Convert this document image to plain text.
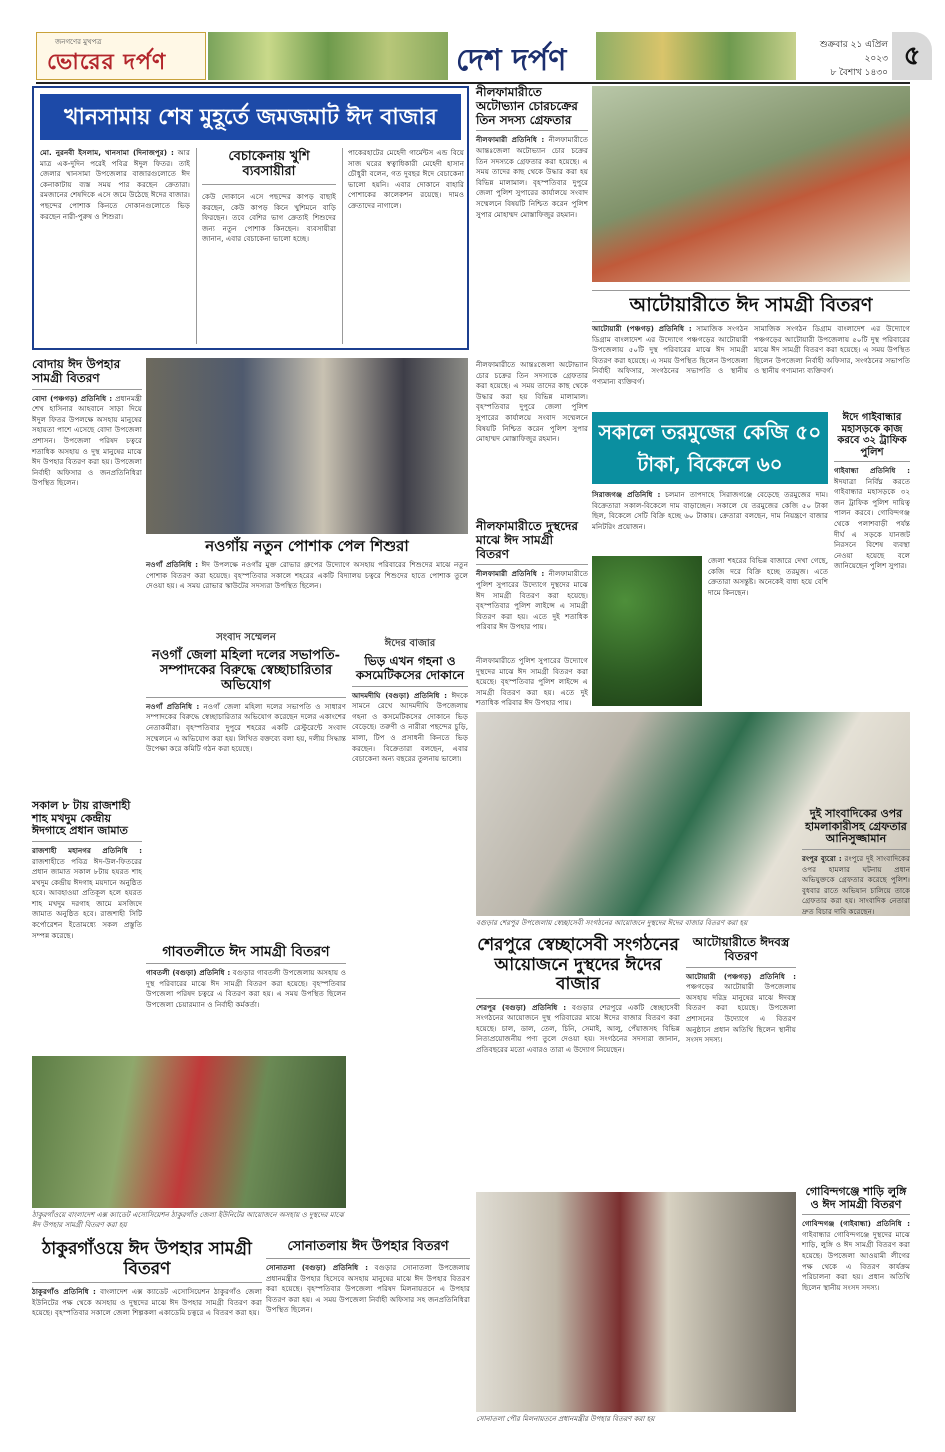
জনগণের মুখপত্র
ভোরের দর্পণ	দেশ দর্পণ	শুক্রবার ২১ এপ্রিল ২০২৩
৮ বৈশাখ ১৪৩০
৫
খানসামায় শেষ মুহূর্তে জমজমাট ঈদ বাজার
মো. নুরনবী ইসলাম, খানসামা (দিনাজপুর) : আর মাত্র এক-দুদিন পরেই পবিত্র ঈদুল ফিতর। তাই জেলার খানসামা উপজেলার বাজারগুলোতে ঈদ কেনাকাটায় ব্যস্ত সময় পার করছেন ক্রেতারা। রমজানের শেষদিকে এসে জমে উঠেছে ঈদের বাজার। পছন্দের পোশাক কিনতে দোকানগুলোতে ভিড় করছেন নারী-পুরুষ ও শিশুরা।
বেচাকেনায় খুশি ব্যবসায়ীরা
কেউ দোকানে এসে পছন্দের কাপড় বাছাই করছেন, কেউ কাপড় কিনে খুশিমনে বাড়ি ফিরছেন। তবে বেশির ভাগ ক্রেতাই শিশুদের জন্য নতুন পোশাক কিনছেন। ব্যবসায়ীরা জানান, এবার বেচাকেনা ভালো হচ্ছে।
পাকেরহাটের মেহেদী গার্মেন্টস এন্ড বিয়ে সাজ ঘরের স্বত্বাধিকারী মেহেদী হাসান চৌধুরী বলেন, গত দুবছর ঈদে বেচাকেনা ভালো হয়নি। এবার দোকানে বাহারি পোশাকের কালেকশন রয়েছে। দামও ক্রেতাদের নাগালে।
নীলফামারীতে অটোভ্যান চোরচক্রের তিন সদস্য গ্রেফতার
নীলফামারী প্রতিনিধি : নীলফামারীতে আন্তঃজেলা অটোভ্যান চোর চক্রের তিন সদস্যকে গ্রেফতার করা হয়েছে। এ সময় তাদের কাছ থেকে উদ্ধার করা হয় বিভিন্ন মালামাল। বৃহস্পতিবার দুপুরে জেলা পুলিশ সুপারের কার্যালয়ে সংবাদ সম্মেলনে বিষয়টি নিশ্চিত করেন পুলিশ সুপার মোহাম্মদ মোস্তাফিজুর রহমান।
আটোয়ারীতে ঈদ সামগ্রী বিতরণ
আটোয়ারী (পঞ্চগড়) প্রতিনিধি : সামাজিক সংগঠন ডিগ্রাম বাংলাদেশ এর উদ্যোগে পঞ্চগড়ের আটোয়ারী উপজেলায় ৫০টি দুস্থ পরিবারের মাঝে ঈদ সামগ্রী বিতরণ করা হয়েছে। এ সময় উপস্থিত ছিলেন উপজেলা নির্বাহী অফিসার, সংগঠনের সভাপতি ও স্থানীয় গণ্যমান্য ব্যক্তিবর্গ।
সামাজিক সংগঠন ডিগ্রাম বাংলাদেশ এর উদ্যোগে পঞ্চগড়ের আটোয়ারী উপজেলায় ৫০টি দুস্থ পরিবারের মাঝে ঈদ সামগ্রী বিতরণ করা হয়েছে। এ সময় উপস্থিত ছিলেন উপজেলা নির্বাহী অফিসার, সংগঠনের সভাপতি ও স্থানীয় গণ্যমান্য ব্যক্তিবর্গ।
বোদায় ঈদ উপহার সামগ্রী বিতরণ
বোদা (পঞ্চগড়) প্রতিনিধি : প্রধানমন্ত্রী শেখ হাসিনার আহবানে সাড়া দিয়ে ঈদুল ফিতর উপলক্ষে অসহায় মানুষের সহায়তা পাশে এসেছে বোদা উপজেলা প্রশাসন। উপজেলা পরিষদ চত্বরে শতাধিক অসহায় ও দুস্থ মানুষের মাঝে ঈদ উপহার বিতরণ করা হয়। উপজেলা নির্বাহী অফিসার ও জনপ্রতিনিধিরা উপস্থিত ছিলেন।
নওগাঁয় নতুন পোশাক পেল শিশুরা
নওগাঁ প্রতিনিধি : ঈদ উপলক্ষে নওগাঁর মুক্ত রোভার গ্রুপের উদ্যোগে অসহায় পরিবারের শিশুদের মাঝে নতুন পোশাক বিতরণ করা হয়েছে। বৃহস্পতিবার সকালে শহরের একটি বিদ্যালয় চত্বরে শিশুদের হাতে পোশাক তুলে দেওয়া হয়। এ সময় রোভার স্কাউটের সদস্যরা উপস্থিত ছিলেন।
নীলফামারীতে আন্তঃজেলা অটোভ্যান চোর চক্রের তিন সদস্যকে গ্রেফতার করা হয়েছে। এ সময় তাদের কাছ থেকে উদ্ধার করা হয় বিভিন্ন মালামাল। বৃহস্পতিবার দুপুরে জেলা পুলিশ সুপারের কার্যালয়ে সংবাদ সম্মেলনে বিষয়টি নিশ্চিত করেন পুলিশ সুপার মোহাম্মদ মোস্তাফিজুর রহমান।	সকালে তরমুজের কেজি ৫০ টাকা, বিকেলে ৬০
ঈদে গাইবান্ধার মহাসড়কে কাজ করবে ৩২ ট্রাফিক পুলিশ
গাইবান্ধা প্রতিনিধি : ঈদযাত্রা নির্বিঘ্ন করতে গাইবান্ধার মহাসড়কে ৩২ জন ট্রাফিক পুলিশ দায়িত্ব পালন করবে। গোবিন্দগঞ্জ থেকে পলাশবাড়ী পর্যন্ত দীর্ঘ এ সড়কে যানজট নিরসনে বিশেষ ব্যবস্থা নেওয়া হয়েছে বলে জানিয়েছেন পুলিশ সুপার।
নীলফামারীতে দুস্থদের মাঝে ঈদ সামগ্রী বিতরণ
নীলফামারী প্রতিনিধি : নীলফামারীতে পুলিশ সুপারের উদ্যোগে দুস্থদের মাঝে ঈদ সামগ্রী বিতরণ করা হয়েছে। বৃহস্পতিবার পুলিশ লাইন্সে এ সামগ্রী বিতরণ করা হয়। এতে দুই শতাধিক পরিবার ঈদ উপহার পায়।
সিরাজগঞ্জ প্রতিনিধি : চলমান তাপদাহে সিরাজগঞ্জে বেড়েছে তরমুজের দাম। বিক্রেতারা সকাল-বিকেলে দাম বাড়াচ্ছেন। সকালে যে তরমুজের কেজি ৫০ টাকা ছিল, বিকেলে সেটি বিক্রি হচ্ছে ৬০ টাকায়। ক্রেতারা বলছেন, দাম নিয়ন্ত্রণে বাজার মনিটরিং প্রয়োজন।
জেলা শহরের বিভিন্ন বাজারে দেখা গেছে, কেজি দরে বিক্রি হচ্ছে তরমুজ। এতে ক্রেতারা অসন্তুষ্ট। অনেকেই বাধ্য হয়ে বেশি দামে কিনছেন।
সকাল ৮ টায় রাজশাহী শাহ মখদুম কেন্দ্রীয় ঈদগাহে প্রধান জামাত
রাজশাহী মহানগর প্রতিনিধি : রাজশাহীতে পবিত্র ঈদ-উল-ফিতরের প্রধান জামাত সকাল ৮টায় হযরত শাহ মখদুম কেন্দ্রীয় ঈদগাহ ময়দানে অনুষ্ঠিত হবে। আবহাওয়া প্রতিকূল হলে হযরত শাহ মখদুম দরগাহ জামে মসজিদে জামাত অনুষ্ঠিত হবে। রাজশাহী সিটি কর্পোরেশন ইতোমধ্যে সকল প্রস্তুতি সম্পন্ন করেছে।
সংবাদ সম্মেলন
নওগাঁ জেলা মহিলা দলের সভাপতি-সম্পাদকের বিরুদ্ধে স্বেচ্ছাচারিতার অভিযোগ
নওগাঁ প্রতিনিধি : নওগাঁ জেলা মহিলা দলের সভাপতি ও সাধারণ সম্পাদকের বিরুদ্ধে স্বেচ্ছাচারিতার অভিযোগ করেছেন দলের একাংশের নেতাকর্মীরা। বৃহস্পতিবার দুপুরে শহরের একটি রেস্টুরেন্টে সংবাদ সম্মেলনে এ অভিযোগ করা হয়। লিখিত বক্তব্যে বলা হয়, দলীয় সিদ্ধান্ত উপেক্ষা করে কমিটি গঠন করা হয়েছে।
ঈদের বাজার
ভিড় এখন গহনা ও কসমেটিকসের দোকানে
আদমদীঘি (বগুড়া) প্রতিনিধি : ঈদকে সামনে রেখে আদমদীঘি উপজেলায় গহনা ও কসমেটিকসের দোকানে ভিড় বেড়েছে। তরুণী ও নারীরা পছন্দের চুড়ি, মালা, টিপ ও প্রসাধনী কিনতে ভিড় করছেন। বিক্রেতারা বলছেন, এবার বেচাকেনা অন্য বছরের তুলনায় ভালো।
নীলফামারীতে পুলিশ সুপারের উদ্যোগে দুস্থদের মাঝে ঈদ সামগ্রী বিতরণ করা হয়েছে। বৃহস্পতিবার পুলিশ লাইন্সে এ সামগ্রী বিতরণ করা হয়। এতে দুই শতাধিক পরিবার ঈদ উপহার পায়।
বগুড়ার শেরপুর উপজেলায় স্বেচ্ছাসেবী সংগঠনের আয়োজনে দুস্থদের ঈদের বাজার বিতরণ করা হয়
গাবতলীতে ঈদ সামগ্রী বিতরণ
গাবতলী (বগুড়া) প্রতিনিধি : বগুড়ার গাবতলী উপজেলায় অসহায় ও দুস্থ পরিবারের মাঝে ঈদ সামগ্রী বিতরণ করা হয়েছে। বৃহস্পতিবার উপজেলা পরিষদ চত্বরে এ বিতরণ করা হয়। এ সময় উপস্থিত ছিলেন উপজেলা চেয়ারম্যান ও নির্বাহী কর্মকর্তা।
শেরপুরে স্বেচ্ছাসেবী সংগঠনের আয়োজনে দুস্থদের ঈদের বাজার
শেরপুর (বগুড়া) প্রতিনিধি : বগুড়ার শেরপুরে একটি স্বেচ্ছাসেবী সংগঠনের আয়োজনে দুস্থ পরিবারের মাঝে ঈদের বাজার বিতরণ করা হয়েছে। চাল, ডাল, তেল, চিনি, সেমাই, আলু, পেঁয়াজসহ বিভিন্ন নিত্যপ্রয়োজনীয় পণ্য তুলে দেওয়া হয়। সংগঠনের সদস্যরা জানান, প্রতিবছরের মতো এবারও তারা এ উদ্যোগ নিয়েছেন।
আটোয়ারীতে ঈদবস্ত্র বিতরণ
আটোয়ারী (পঞ্চগড়) প্রতিনিধি : পঞ্চগড়ের আটোয়ারী উপজেলায় অসহায় দরিদ্র মানুষের মাঝে ঈদবস্ত্র বিতরণ করা হয়েছে। উপজেলা প্রশাসনের উদ্যোগে এ বিতরণ অনুষ্ঠানে প্রধান অতিথি ছিলেন স্থানীয় সংসদ সদস্য।
দুই সাংবাদিকের ওপর হামলাকারীসহ গ্রেফতার আনিসুজ্জামান
রংপুর ব্যুরো : রংপুরে দুই সাংবাদিকের ওপর হামলার ঘটনায় প্রধান অভিযুক্তকে গ্রেফতার করেছে পুলিশ। বুধবার রাতে অভিযান চালিয়ে তাকে গ্রেফতার করা হয়। সাংবাদিক নেতারা দ্রুত বিচার দাবি করেছেন।
গোবিন্দগঞ্জে শাড়ি লুঙ্গি ও ঈদ সামগ্রী বিতরণ
গোবিন্দগঞ্জ (গাইবান্ধা) প্রতিনিধি : গাইবান্ধার গোবিন্দগঞ্জে দুস্থদের মাঝে শাড়ি, লুঙ্গি ও ঈদ সামগ্রী বিতরণ করা হয়েছে। উপজেলা আওয়ামী লীগের পক্ষ থেকে এ বিতরণ কার্যক্রম পরিচালনা করা হয়। প্রধান অতিথি ছিলেন স্থানীয় সংসদ সদস্য।
ঠাকুরগাঁওয়ে বাংলাদেশ এক্স ক্যাডেট এসোসিয়েশন ঠাকুরগাঁও জেলা ইউনিটের আয়োজনে অসহায় ও দুস্থদের মাঝে ঈদ উপহার সামগ্রী বিতরণ করা হয়
ঠাকুরগাঁওয়ে ঈদ উপহার সামগ্রী বিতরণ
ঠাকুরগাঁও প্রতিনিধি : বাংলাদেশ এক্স ক্যাডেট এসোসিয়েশন ঠাকুরগাঁও জেলা ইউনিটের পক্ষ থেকে অসহায় ও দুস্থদের মাঝে ঈদ উপহার সামগ্রী বিতরণ করা হয়েছে। বৃহস্পতিবার সকালে জেলা শিল্পকলা একাডেমি চত্বরে এ বিতরণ করা হয়।
সোনাতলায় ঈদ উপহার বিতরণ
সোনাতলা (বগুড়া) প্রতিনিধি : বগুড়ার সোনাতলা উপজেলায় প্রধানমন্ত্রীর উপহার হিসেবে অসহায় মানুষের মাঝে ঈদ উপহার বিতরণ করা হয়েছে। বৃহস্পতিবার উপজেলা পরিষদ মিলনায়তনে এ উপহার বিতরণ করা হয়। এ সময় উপজেলা নির্বাহী অফিসার সহ জনপ্রতিনিধিরা উপস্থিত ছিলেন।
সোনাতলা পৌর মিলনায়তনে প্রধানমন্ত্রীর উপহার বিতরণ করা হয়
